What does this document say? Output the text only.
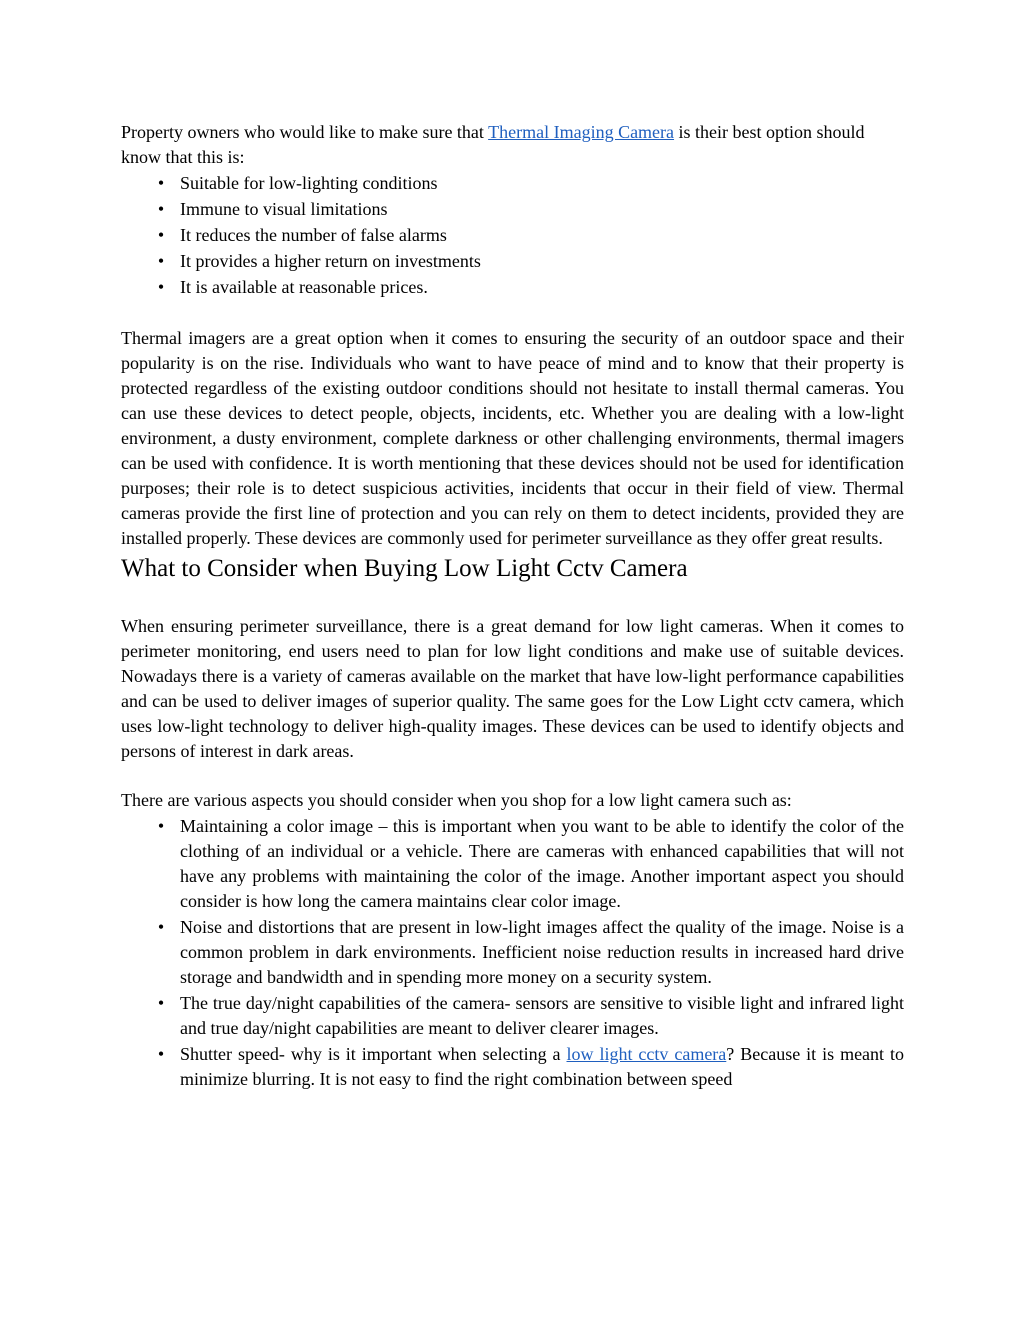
Property owners who would like to make sure that Thermal Imaging Camera is their best option should know that this is:

• Suitable for low-lighting conditions
• Immune to visual limitations
• It reduces the number of false alarms
• It provides a higher return on investments
• It is available at reasonable prices.

Thermal imagers are a great option when it comes to ensuring the security of an outdoor space and their popularity is on the rise. Individuals who want to have peace of mind and to know that their property is protected regardless of the existing outdoor conditions should not hesitate to install thermal cameras. You can use these devices to detect people, objects, incidents, etc. Whether you are dealing with a low-light environment, a dusty environment, complete darkness or other challenging environments, thermal imagers can be used with confidence. It is worth mentioning that these devices should not be used for identification purposes; their role is to detect suspicious activities, incidents that occur in their field of view. Thermal cameras provide the first line of protection and you can rely on them to detect incidents, provided they are installed properly. These devices are commonly used for perimeter surveillance as they offer great results.

What to Consider when Buying Low Light Cctv Camera

When ensuring perimeter surveillance, there is a great demand for low light cameras. When it comes to perimeter monitoring, end users need to plan for low light conditions and make use of suitable devices. Nowadays there is a variety of cameras available on the market that have low-light performance capabilities and can be used to deliver images of superior quality. The same goes for the Low Light cctv camera, which uses low-light technology to deliver high-quality images. These devices can be used to identify objects and persons of interest in dark areas.

There are various aspects you should consider when you shop for a low light camera such as:

• Maintaining a color image – this is important when you want to be able to identify the color of the clothing of an individual or a vehicle. There are cameras with enhanced capabilities that will not have any problems with maintaining the color of the image. Another important aspect you should consider is how long the camera maintains clear color image.
• Noise and distortions that are present in low-light images affect the quality of the image. Noise is a common problem in dark environments. Inefficient noise reduction results in increased hard drive storage and bandwidth and in spending more money on a security system.
• The true day/night capabilities of the camera- sensors are sensitive to visible light and infrared light and true day/night capabilities are meant to deliver clearer images.
• Shutter speed- why is it important when selecting a low light cctv camera? Because it is meant to minimize blurring. It is not easy to find the right combination between speed
